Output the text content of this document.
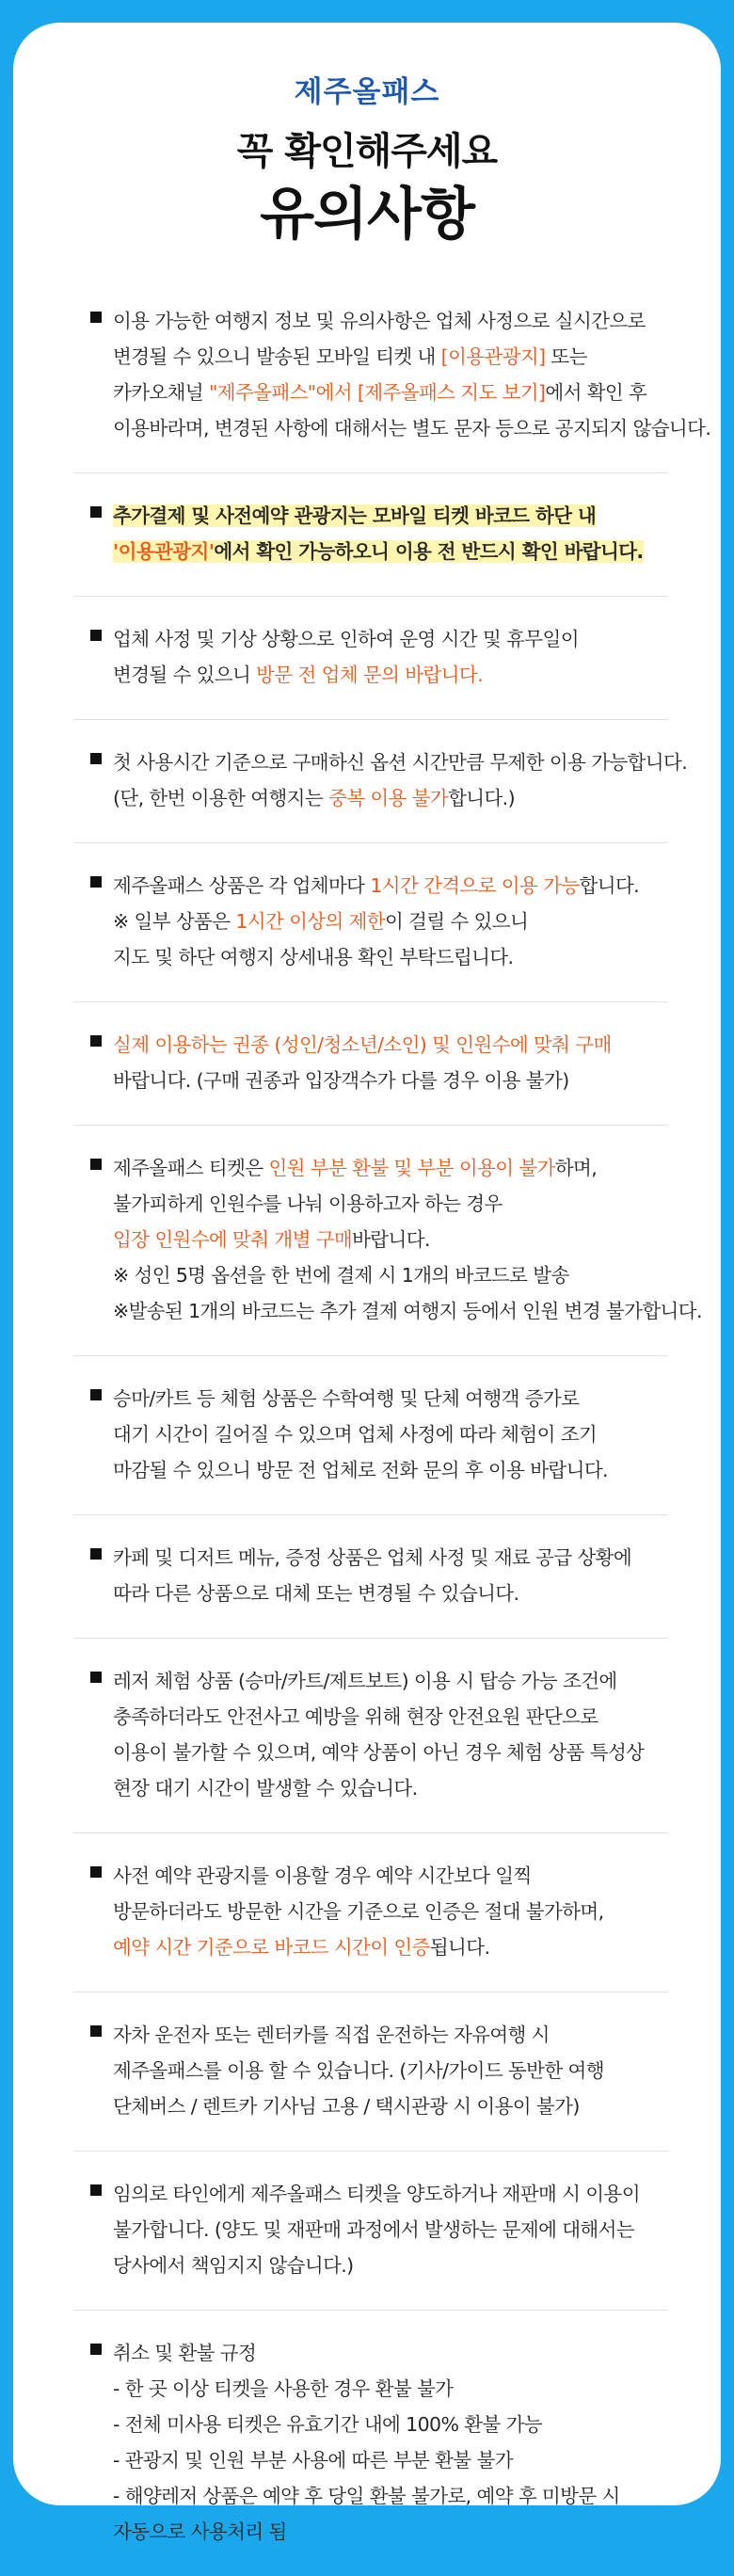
제주올패스
꼭 확인해주세요
유의사항
이용 가능한 여행지 정보 및 유의사항은 업체 사정으로 실시간으로
변경될 수 있으니 발송된 모바일 티켓 내 [이용관광지] 또는
카카오채널 "제주올패스"에서 [제주올패스 지도 보기]에서 확인 후
이용바라며, 변경된 사항에 대해서는 별도 문자 등으로 공지되지 않습니다.
추가결제 및 사전예약 관광지는 모바일 티켓 바코드 하단 내
'이용관광지'에서 확인 가능하오니 이용 전 반드시 확인 바랍니다.
업체 사정 및 기상 상황으로 인하여 운영 시간 및 휴무일이
변경될 수 있으니 방문 전 업체 문의 바랍니다.
첫 사용시간 기준으로 구매하신 옵션 시간만큼 무제한 이용 가능합니다.
(단, 한번 이용한 여행지는 중복 이용 불가합니다.)
제주올패스 상품은 각 업체마다 1시간 간격으로 이용 가능합니다.
※ 일부 상품은 1시간 이상의 제한이 걸릴 수 있으니
지도 및 하단 여행지 상세내용 확인 부탁드립니다.
실제 이용하는 권종 (성인/청소년/소인) 및 인원수에 맞춰 구매
바랍니다. (구매 권종과 입장객수가 다를 경우 이용 불가)
제주올패스 티켓은 인원 부분 환불 및 부분 이용이 불가하며,
불가피하게 인원수를 나눠 이용하고자 하는 경우
입장 인원수에 맞춰 개별 구매바랍니다.
※ 성인 5명 옵션을 한 번에 결제 시 1개의 바코드로 발송
※발송된 1개의 바코드는 추가 결제 여행지 등에서 인원 변경 불가합니다.
승마/카트 등 체험 상품은 수학여행 및 단체 여행객 증가로
대기 시간이 길어질 수 있으며 업체 사정에 따라 체험이 조기
마감될 수 있으니 방문 전 업체로 전화 문의 후 이용 바랍니다.
카페 및 디저트 메뉴, 증정 상품은 업체 사정 및 재료 공급 상황에
따라 다른 상품으로 대체 또는 변경될 수 있습니다.
레저 체험 상품 (승마/카트/제트보트) 이용 시 탑승 가능 조건에
충족하더라도 안전사고 예방을 위해 현장 안전요원 판단으로
이용이 불가할 수 있으며, 예약 상품이 아닌 경우 체험 상품 특성상
현장 대기 시간이 발생할 수 있습니다.
사전 예약 관광지를 이용할 경우 예약 시간보다 일찍
방문하더라도 방문한 시간을 기준으로 인증은 절대 불가하며,
예약 시간 기준으로 바코드 시간이 인증됩니다.
자차 운전자 또는 렌터카를 직접 운전하는 자유여행 시
제주올패스를 이용 할 수 있습니다. (기사/가이드 동반한 여행
단체버스 / 렌트카 기사님 고용 / 택시관광 시 이용이 불가)
임의로 타인에게 제주올패스 티켓을 양도하거나 재판매 시 이용이
불가합니다. (양도 및 재판매 과정에서 발생하는 문제에 대해서는
당사에서 책임지지 않습니다.)
취소 및 환불 규정
- 한 곳 이상 티켓을 사용한 경우 환불 불가
- 전체 미사용 티켓은 유효기간 내에 100% 환불 가능
- 관광지 및 인원 부분 사용에 따른 부분 환불 불가
- 해양레저 상품은 예약 후 당일 환불 불가로, 예약 후 미방문 시
자동으로 사용처리 됨
